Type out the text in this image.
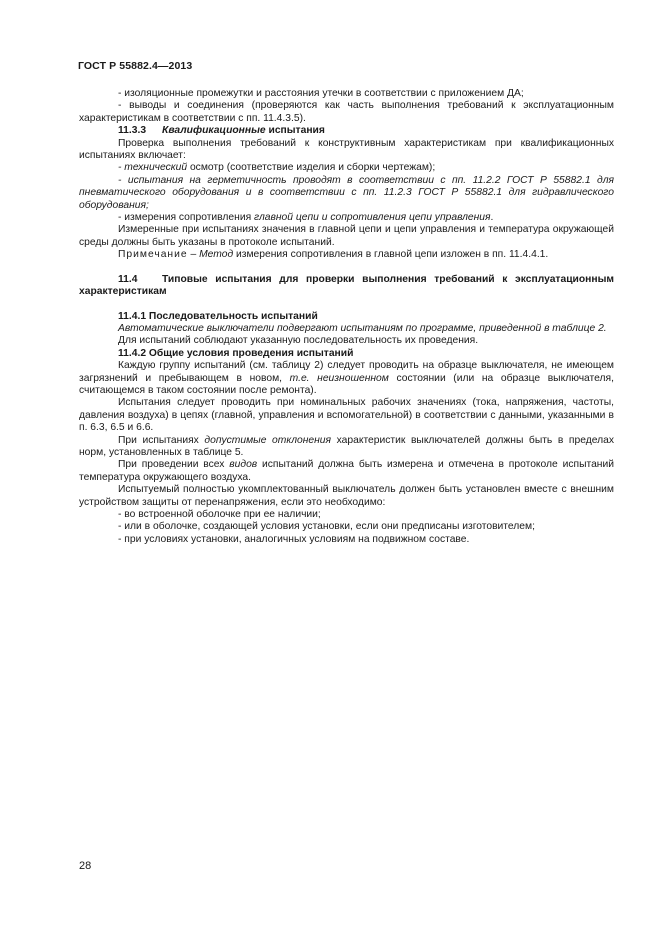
ГОСТ Р 55882.4—2013
- изоляционные промежутки и расстояния утечки в соответствии с приложением ДА;
- выводы и соединения (проверяются как часть выполнения требований к эксплуатационным характеристикам в соответствии с пп. 11.4.3.5).
11.3.3 Квалификационные испытания
Проверка выполнения требований к конструктивным характеристикам при квалификационных испытаниях включает:
- технический осмотр (соответствие изделия и сборки чертежам);
- испытания на герметичность проводят в соответствии с пп. 11.2.2 ГОСТ Р 55882.1 для пневматического оборудования и в соответствии с пп. 11.2.3 ГОСТ Р 55882.1 для гидравлического оборудования;
- измерения сопротивления главной цепи и сопротивления цепи управления.
Измеренные при испытаниях значения в главной цепи и цепи управления и температура окружающей среды должны быть указаны в протоколе испытаний.
Примечание – Метод измерения сопротивления в главной цепи изложен в пп. 11.4.4.1.
11.4 Типовые испытания для проверки выполнения требований к эксплуатационным характеристикам
11.4.1 Последовательность испытаний
Автоматические выключатели подвергают испытаниям по программе, приведенной в таблице 2.
Для испытаний соблюдают указанную последовательность их проведения.
11.4.2 Общие условия проведения испытаний
Каждую группу испытаний (см. таблицу 2) следует проводить на образце выключателя, не имеющем загрязнений и пребывающем в новом, т.е. неизношенном состоянии (или на образце выключателя, считающемся в таком состоянии после ремонта).
Испытания следует проводить при номинальных рабочих значениях (тока, напряжения, частоты, давления воздуха) в цепях (главной, управления и вспомогательной) в соответствии с данными, указанными в п. 6.3, 6.5 и 6.6.
При испытаниях допустимые отклонения характеристик выключателей должны быть в пределах норм, установленных в таблице 5.
При проведении всех видов испытаний должна быть измерена и отмечена в протоколе испытаний температура окружающего воздуха.
Испытуемый полностью укомплектованный выключатель должен быть установлен вместе с внешним устройством защиты от перенапряжения, если это необходимо:
- во встроенной оболочке при ее наличии;
- или в оболочке, создающей условия установки, если они предписаны изготовителем;
- при условиях установки, аналогичных условиям на подвижном составе.
28
